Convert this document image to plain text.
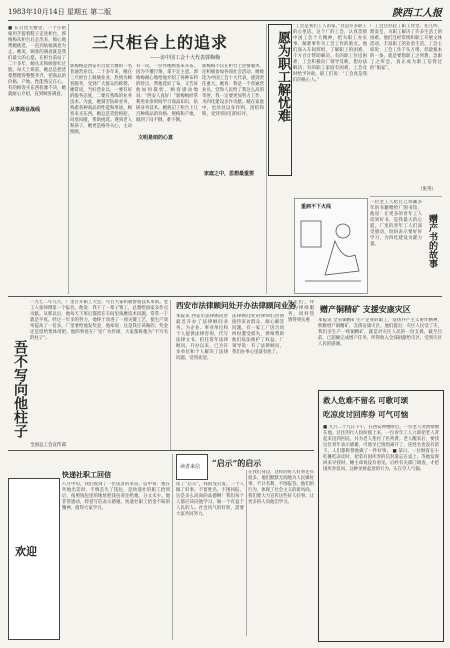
1983年10月14日 星期五 第二版	陕西工人报
三尺柜台上的追求
——访中国工会十大代表郭梅梅
■ 在百货大楼里，一个小姑娘用手提着鞋子走进柜台，郭梅梅从柜台后走出来，细心地帮她挑选，一直到姑娘满意为止。她说，顾客的满意就是我们最大的心愿。在柜台前站了二十多年，她从未和顾客红过脸。每天上班前，她总是把货架整理得整整齐齐，把商品的价格、产地、性能熟记在心。有的顾客买东西犹豫不决，她就耐心介绍，直到顾客满意。
从事商业战线
郭梅梅是西安市百货大楼的一名普通营业员。二十多年来，她在三尺柜台上兢兢业业，热情为顾客服务，受到广大群众的称赞。她常说，当好营业员，一要有好的服务态度，二要有熟练的业务技术。为此，她刻苦钻研业务，熟悉各种商品的性能和用途。顾客来买东西，她总是笑脸相迎，问寒问暖，帮助挑选。遇到老人和孩子，她更是格外关心，主动照顾。
有一次，一位外地顾客来买布，因为不懂行情，拿不定主意。郭梅梅耐心地给他介绍了各种布料的特点，帮他选好了布，又告诉他如何裁剪。顾客感动地说：“西安人真好！”郭梅梅经常利用业余时间学习商品知识，钻研业务技术。她熟记了柜台上几百种商品的价格、规格和产地，做到了问不倒、难不倒。
文明是咱的心意
郭梅梅不仅在柜台上热情服务，还积极参加各项社会活动。她被选为中国工会十大代表，感到责任重大。她说：我是一个普通营业员，党和人民给了我这么高的荣誉，我一定要更加努力工作，为四化建设多作贡献。她在家庭中，也处处以身作则，团结和睦，受到邻居们的好评。
家庭之中，思想最重要
愿为职工解忧难
“工会是我们工人的家。”这是许多职工的心里话。这个厂的工会，认真贯彻中国工会十大精神，把为职工办实事、解难事作为工会工作的重点。他们深入车间班组，了解职工的困难，千方百计帮助解决。有的职工住房困难，工会积极向厂领导反映，想办法解决；有的职工家庭有困难，工会及时给予补助。职工们说：“工会真是我们的贴心人。”
厂工会还办起了职工食堂、托儿所、理发室，为职工解决了许多生活上的困难。他们还经常组织职工开展文体活动，丰富职工的业余生活。工会主席说：工会工作千头万绪，但最根本的一条，就是要想职工之所想，急职工之所急，真正成为职工信得过的“娘家”。
（张英）
赠产书的故事
一位老工人把自己珍藏多年的书籍赠给厂图书馆，他说：让更多的青年工人读到好书，是我最大的心愿。厂里的青年工人们深受感动，纷纷表示要好好学习，为四化建设贡献力量。
重病不下火线
吾不写向他柱子
一九七二年九月，厂里召开职工大会，号召大家积极参加技术革新。老工人张师傅第一个报名。他说：我干了一辈子钳工，总想给国家多作点贡献。从那以后，他每天下班后都留在车间里琢磨技术问题，常常一干就是半夜。经过一年多的努力，他终于改进了一项关键工艺，使生产效率提高了一倍多。厂里要给他发奖金，他却说：这是我应该做的，奖金还是留给集体用吧。他的事迹在厂里广为传颂，大家都称他为“不写名的柱子”。
西安市法律顾问处开办法律顾问业务
本报讯 西安市法律顾问处最近开办了法律顾问业务。为企业、事业单位和个人提供法律咨询，代写法律文书，担任常年法律顾问。开办以来，已为许多单位和个人解决了法律问题，受到欢迎。
法律顾问处的律师们热情接待来访群众，耐心解答问题。有一家工厂因合同纠纷遭受损失，律师帮助他们依法维护了权益。厂领导说：有了法律顾问，我们办事心里就有底了。
顾主们，拜法为律师服务，同样热情得到实惠
赠产铜精矿 支援安康灾区
本报讯 全省铜精矿生产企业的职工，发扬共产主义协作精神，积极增产铜精矿，支援安康灾区。他们提出：灾区人民受了灾，我们多生产一吨铜精矿，就是对灾区人民的一份支援。截至目前，已超额完成增产任务，所得收入全部捐献给灾区，受到灾区人民的感谢。
救人危难不留名 可歌可颂
吃凉皮讨回库券 可气可恼
■ 九月二十九日下午，在西安钟楼附近，一位老人突然晕倒在地。过往的行人纷纷围上来，一位青年工人立即把老人背起来送到医院，并为老人垫付了医药费。老人醒来后，要找这位青年表示感谢，可他早已悄悄离开了，连姓名也没有留下。人们都称赞他做了一件好事。 ■ 某日，一位顾客在小吃摊吃凉皮时，把装有国库券的信封遗忘在桌上。等他发现回来寻找时，摊主却说没有看见。后经有关部门调查，才把国库券追回。这种见财起意的行为，实在令人气恼。
读者来信 “启示”的启示
读了“启示”，我很受启发。一个人做了好事，不留姓名，不图回报，这是多么高尚的品德啊！我们每个人都应该向他学习，做一个有益于人民的人。社会风气的好转，需要大家共同努力。
在我们身边，这样的好人好事还有很多。他们默默无闻地为人民做好事，不计名利，不图报答。他们的行为，体现了社会主义的新风尚。我们要大力宣传这些好人好事，让更多的人向他们学习。
全国总工会宣传部
快递社职工回信
欢迎
八月中旬，我们收到了一位读者的来信，信中说：他在外地出差时，不慎丢失了钱包，是快递社的职工拾到后，按照钱包里的地址把钱包寄还给他，分文未少。他非常感动，特意写信表示感谢。快递社职工拾金不昧的精神，值得大家学习。
